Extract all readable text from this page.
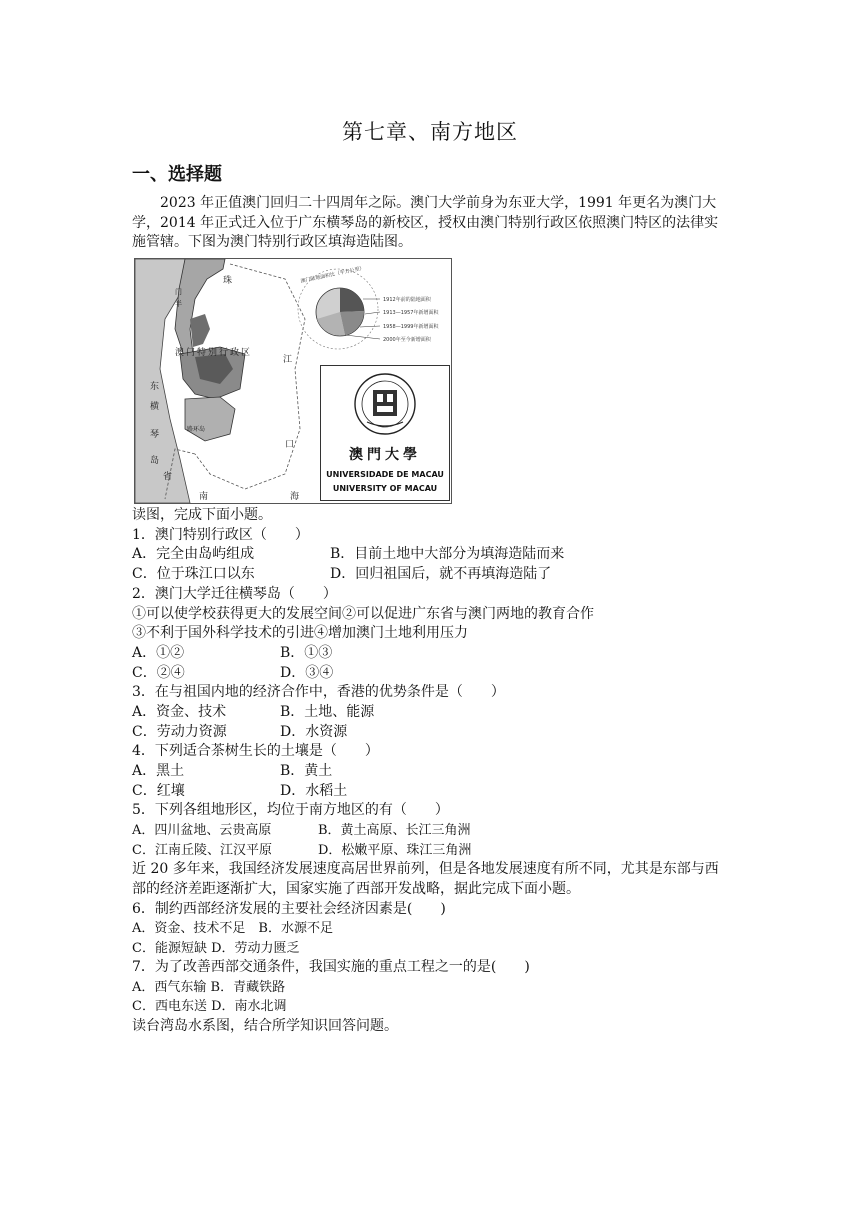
第七章、南方地区
一、选择题
2023 年正值澳门回归二十四周年之际。澳门大学前身为东亚大学，1991 年更名为澳门大学，2014 年正式迁入位于广东横琴岛的新校区，授权由澳门特别行政区依照澳门特区的法律实施管辖。下图为澳门特别行政区填海造陆图。
澳门陆地面积比（平方公里）
1912年前的陆地面积
1913—1957年新增面积
1958—1999年新增面积
2000年至今新增面积
珠
江
口
澳门特别行政区
东
横
琴
岛
省
南	海
路环岛
门
半
澳門大學
UNIVERSIDADE DE MACAU
UNIVERSITY OF MACAU
读图，完成下面小题。
1．澳门特别行政区（　　）
A．完全由岛屿组成	B．目前土地中大部分为填海造陆而来
C．位于珠江口以东	D．回归祖国后，就不再填海造陆了
2．澳门大学迁往横琴岛（　　）
①可以使学校获得更大的发展空间②可以促进广东省与澳门两地的教育合作
③不利于国外科学技术的引进④增加澳门土地利用压力
A．①②	B．①③
C．②④	D．③④
3．在与祖国内地的经济合作中，香港的优势条件是（　　）
A．资金、技术	B．土地、能源
C．劳动力资源	D．水资源
4．下列适合茶树生长的土壤是（　　）
A．黑土	B．黄土
C．红壤	D．水稻土
5．下列各组地形区，均位于南方地区的有（　　）
A．四川盆地、云贵高原	B．黄土高原、长江三角洲
C．江南丘陵、江汉平原	D．松嫩平原、珠江三角洲
近 20 多年来，我国经济发展速度高居世界前列，但是各地发展速度有所不同，尤其是东部与西部的经济差距逐渐扩大，国家实施了西部开发战略，据此完成下面小题。
6．制约西部经济发展的主要社会经济因素是(　　)
A．资金、技术不足　B．水源不足
C．能源短缺 D．劳动力匮乏
7．为了改善西部交通条件，我国实施的重点工程之一的是(　　)
A．西气东输 B．青藏铁路
C．西电东送 D．南水北调
读台湾岛水系图，结合所学知识回答问题。
